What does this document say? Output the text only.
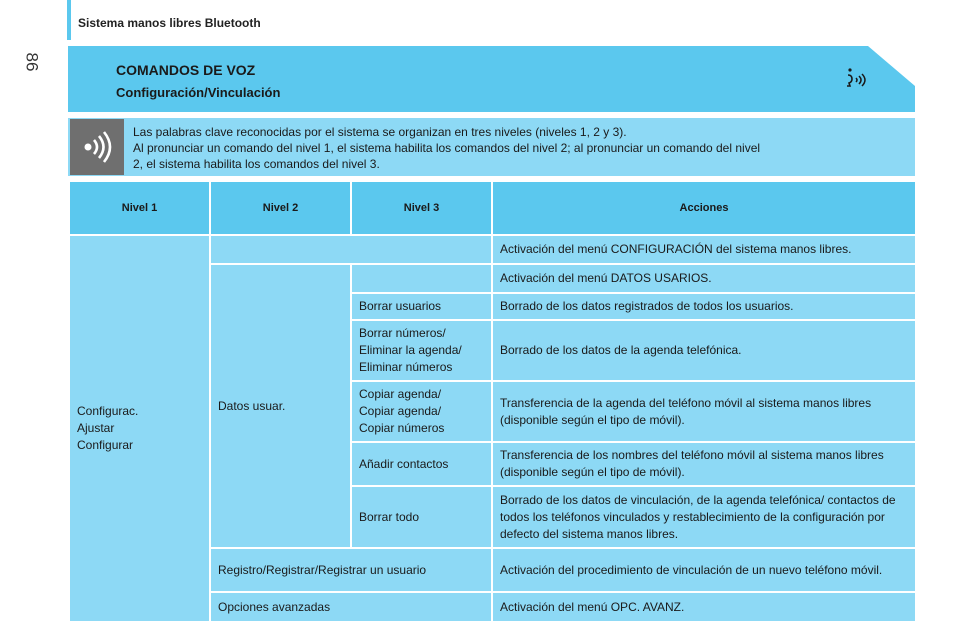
Sistema manos libres Bluetooth
86	COMANDOS DE VOZ
Configuración/Vinculación
Las palabras clave reconocidas por el sistema se organizan en tres niveles (niveles 1, 2 y 3).
Al pronunciar un comando del nivel 1, el sistema habilita los comandos del nivel 2; al pronunciar un comando del nivel
2, el sistema habilita los comandos del nivel 3.
Nivel 1	Nivel 2	Nivel 3	Acciones
Configurac.
Ajustar
Configurar			Activación del menú CONFIGURACIÓN del sistema manos libres.
	Datos usuar.		Activación del menú DATOS USARIOS.
		Borrar usuarios	Borrado de los datos registrados de todos los usuarios.
		Borrar números/
Eliminar la agenda/
Eliminar números	Borrado de los datos de la agenda telefónica.
		Copiar agenda/
Copiar agenda/
Copiar números	Transferencia de la agenda del teléfono móvil al sistema manos libres (disponible según el tipo de móvil).
		Añadir contactos	Transferencia de los nombres del teléfono móvil al sistema manos libres (disponible según el tipo de móvil).
		Borrar todo	Borrado de los datos de vinculación, de la agenda telefónica/ contactos de todos los teléfonos vinculados y restablecimiento de la configuración por defecto del sistema manos libres.
	Registro/Registrar/Registrar un usuario		Activación del procedimiento de vinculación de un nuevo teléfono móvil.
	Opciones avanzadas		Activación del menú OPC. AVANZ.
